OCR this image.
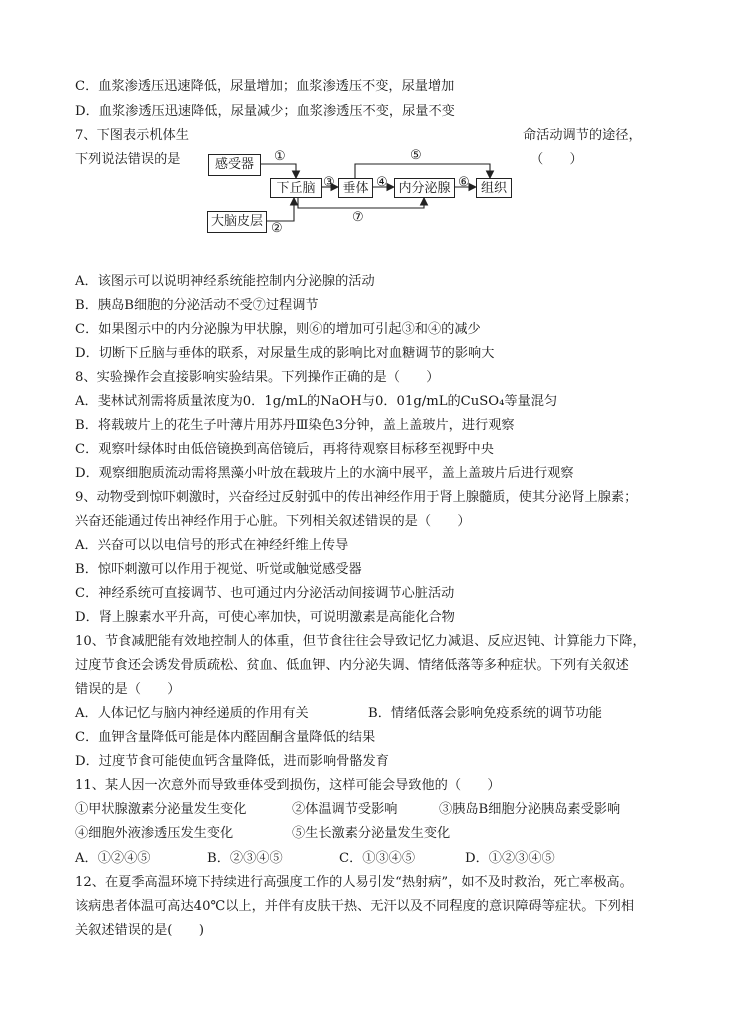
C．血浆渗透压迅速降低，尿量增加；血浆渗透压不变，尿量增加
D．血浆渗透压迅速降低，尿量减少；血浆渗透压不变，尿量不变
7、下图表示机体生	命活动调节的途径，
下列说法错误的是	（　　）
感受器
下丘脑	垂体	内分泌腺	组织
大脑皮层
①
②
③	④
⑤
⑥
⑦
A．该图示可以说明神经系统能控制内分泌腺的活动
B．胰岛B细胞的分泌活动不受⑦过程调节
C．如果图示中的内分泌腺为甲状腺，则⑥的增加可引起③和④的减少
D．切断下丘脑与垂体的联系，对尿量生成的影响比对血糖调节的影响大
8、实验操作会直接影响实验结果。下列操作正确的是（　　）
A．斐林试剂需将质量浓度为0．1g/mL的NaOH与0．01g/mL的CuSO₄等量混匀
B．将载玻片上的花生子叶薄片用苏丹Ⅲ染色3分钟，盖上盖玻片，进行观察
C．观察叶绿体时由低倍镜换到高倍镜后，再将待观察目标移至视野中央
D．观察细胞质流动需将黑藻小叶放在载玻片上的水滴中展平，盖上盖玻片后进行观察
9、动物受到惊吓刺激时，兴奋经过反射弧中的传出神经作用于肾上腺髓质，使其分泌肾上腺素；
兴奋还能通过传出神经作用于心脏。下列相关叙述错误的是（　　）
A．兴奋可以以电信号的形式在神经纤维上传导
B．惊吓刺激可以作用于视觉、听觉或触觉感受器
C．神经系统可直接调节、也可通过内分泌活动间接调节心脏活动
D．肾上腺素水平升高，可使心率加快，可说明激素是高能化合物
10、节食减肥能有效地控制人的体重，但节食往往会导致记忆力减退、反应迟钝、计算能力下降，
过度节食还会诱发骨质疏松、贫血、低血钾、内分泌失调、情绪低落等多种症状。下列有关叙述
错误的是（　　）
A．人体记忆与脑内神经递质的作用有关	B．情绪低落会影响免疫系统的调节功能
C．血钾含量降低可能是体内醛固酮含量降低的结果
D．过度节食可能使血钙含量降低，进而影响骨骼发育
11、某人因一次意外而导致垂体受到损伤，这样可能会导致他的（　　）
①甲状腺激素分泌量发生变化	②体温调节受影响	③胰岛B细胞分泌胰岛素受影响
④细胞外液渗透压发生变化	⑤生长激素分泌量发生变化
A．①②④⑤	B．②③④⑤	C．①③④⑤	D．①②③④⑤
12、在夏季高温环境下持续进行高强度工作的人易引发“热射病”，如不及时救治，死亡率极高。
该病患者体温可高达40℃以上，并伴有皮肤干热、无汗以及不同程度的意识障碍等症状。下列相
关叙述错误的是(　　)
